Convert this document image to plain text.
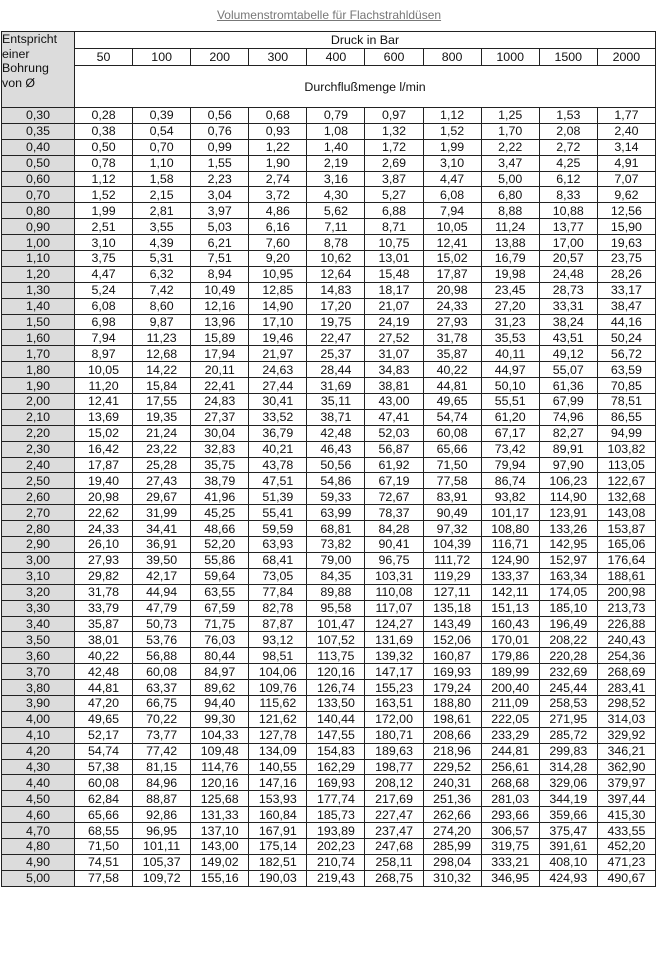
Volumenstromtabelle für Flachstrahldüsen
Entspricht
einer
Bohrung
von Ø	Druck in Bar									
	50	100	200	300	400	600	800	1000	1500	2000
	Durchflußmenge l/min									
0,30	0,28	0,39	0,56	0,68	0,79	0,97	1,12	1,25	1,53	1,77
0,35	0,38	0,54	0,76	0,93	1,08	1,32	1,52	1,70	2,08	2,40
0,40	0,50	0,70	0,99	1,22	1,40	1,72	1,99	2,22	2,72	3,14
0,50	0,78	1,10	1,55	1,90	2,19	2,69	3,10	3,47	4,25	4,91
0,60	1,12	1,58	2,23	2,74	3,16	3,87	4,47	5,00	6,12	7,07
0,70	1,52	2,15	3,04	3,72	4,30	5,27	6,08	6,80	8,33	9,62
0,80	1,99	2,81	3,97	4,86	5,62	6,88	7,94	8,88	10,88	12,56
0,90	2,51	3,55	5,03	6,16	7,11	8,71	10,05	11,24	13,77	15,90
1,00	3,10	4,39	6,21	7,60	8,78	10,75	12,41	13,88	17,00	19,63
1,10	3,75	5,31	7,51	9,20	10,62	13,01	15,02	16,79	20,57	23,75
1,20	4,47	6,32	8,94	10,95	12,64	15,48	17,87	19,98	24,48	28,26
1,30	5,24	7,42	10,49	12,85	14,83	18,17	20,98	23,45	28,73	33,17
1,40	6,08	8,60	12,16	14,90	17,20	21,07	24,33	27,20	33,31	38,47
1,50	6,98	9,87	13,96	17,10	19,75	24,19	27,93	31,23	38,24	44,16
1,60	7,94	11,23	15,89	19,46	22,47	27,52	31,78	35,53	43,51	50,24
1,70	8,97	12,68	17,94	21,97	25,37	31,07	35,87	40,11	49,12	56,72
1,80	10,05	14,22	20,11	24,63	28,44	34,83	40,22	44,97	55,07	63,59
1,90	11,20	15,84	22,41	27,44	31,69	38,81	44,81	50,10	61,36	70,85
2,00	12,41	17,55	24,83	30,41	35,11	43,00	49,65	55,51	67,99	78,51
2,10	13,69	19,35	27,37	33,52	38,71	47,41	54,74	61,20	74,96	86,55
2,20	15,02	21,24	30,04	36,79	42,48	52,03	60,08	67,17	82,27	94,99
2,30	16,42	23,22	32,83	40,21	46,43	56,87	65,66	73,42	89,91	103,82
2,40	17,87	25,28	35,75	43,78	50,56	61,92	71,50	79,94	97,90	113,05
2,50	19,40	27,43	38,79	47,51	54,86	67,19	77,58	86,74	106,23	122,67
2,60	20,98	29,67	41,96	51,39	59,33	72,67	83,91	93,82	114,90	132,68
2,70	22,62	31,99	45,25	55,41	63,99	78,37	90,49	101,17	123,91	143,08
2,80	24,33	34,41	48,66	59,59	68,81	84,28	97,32	108,80	133,26	153,87
2,90	26,10	36,91	52,20	63,93	73,82	90,41	104,39	116,71	142,95	165,06
3,00	27,93	39,50	55,86	68,41	79,00	96,75	111,72	124,90	152,97	176,64
3,10	29,82	42,17	59,64	73,05	84,35	103,31	119,29	133,37	163,34	188,61
3,20	31,78	44,94	63,55	77,84	89,88	110,08	127,11	142,11	174,05	200,98
3,30	33,79	47,79	67,59	82,78	95,58	117,07	135,18	151,13	185,10	213,73
3,40	35,87	50,73	71,75	87,87	101,47	124,27	143,49	160,43	196,49	226,88
3,50	38,01	53,76	76,03	93,12	107,52	131,69	152,06	170,01	208,22	240,43
3,60	40,22	56,88	80,44	98,51	113,75	139,32	160,87	179,86	220,28	254,36
3,70	42,48	60,08	84,97	104,06	120,16	147,17	169,93	189,99	232,69	268,69
3,80	44,81	63,37	89,62	109,76	126,74	155,23	179,24	200,40	245,44	283,41
3,90	47,20	66,75	94,40	115,62	133,50	163,51	188,80	211,09	258,53	298,52
4,00	49,65	70,22	99,30	121,62	140,44	172,00	198,61	222,05	271,95	314,03
4,10	52,17	73,77	104,33	127,78	147,55	180,71	208,66	233,29	285,72	329,92
4,20	54,74	77,42	109,48	134,09	154,83	189,63	218,96	244,81	299,83	346,21
4,30	57,38	81,15	114,76	140,55	162,29	198,77	229,52	256,61	314,28	362,90
4,40	60,08	84,96	120,16	147,16	169,93	208,12	240,31	268,68	329,06	379,97
4,50	62,84	88,87	125,68	153,93	177,74	217,69	251,36	281,03	344,19	397,44
4,60	65,66	92,86	131,33	160,84	185,73	227,47	262,66	293,66	359,66	415,30
4,70	68,55	96,95	137,10	167,91	193,89	237,47	274,20	306,57	375,47	433,55
4,80	71,50	101,11	143,00	175,14	202,23	247,68	285,99	319,75	391,61	452,20
4,90	74,51	105,37	149,02	182,51	210,74	258,11	298,04	333,21	408,10	471,23
5,00	77,58	109,72	155,16	190,03	219,43	268,75	310,32	346,95	424,93	490,67
